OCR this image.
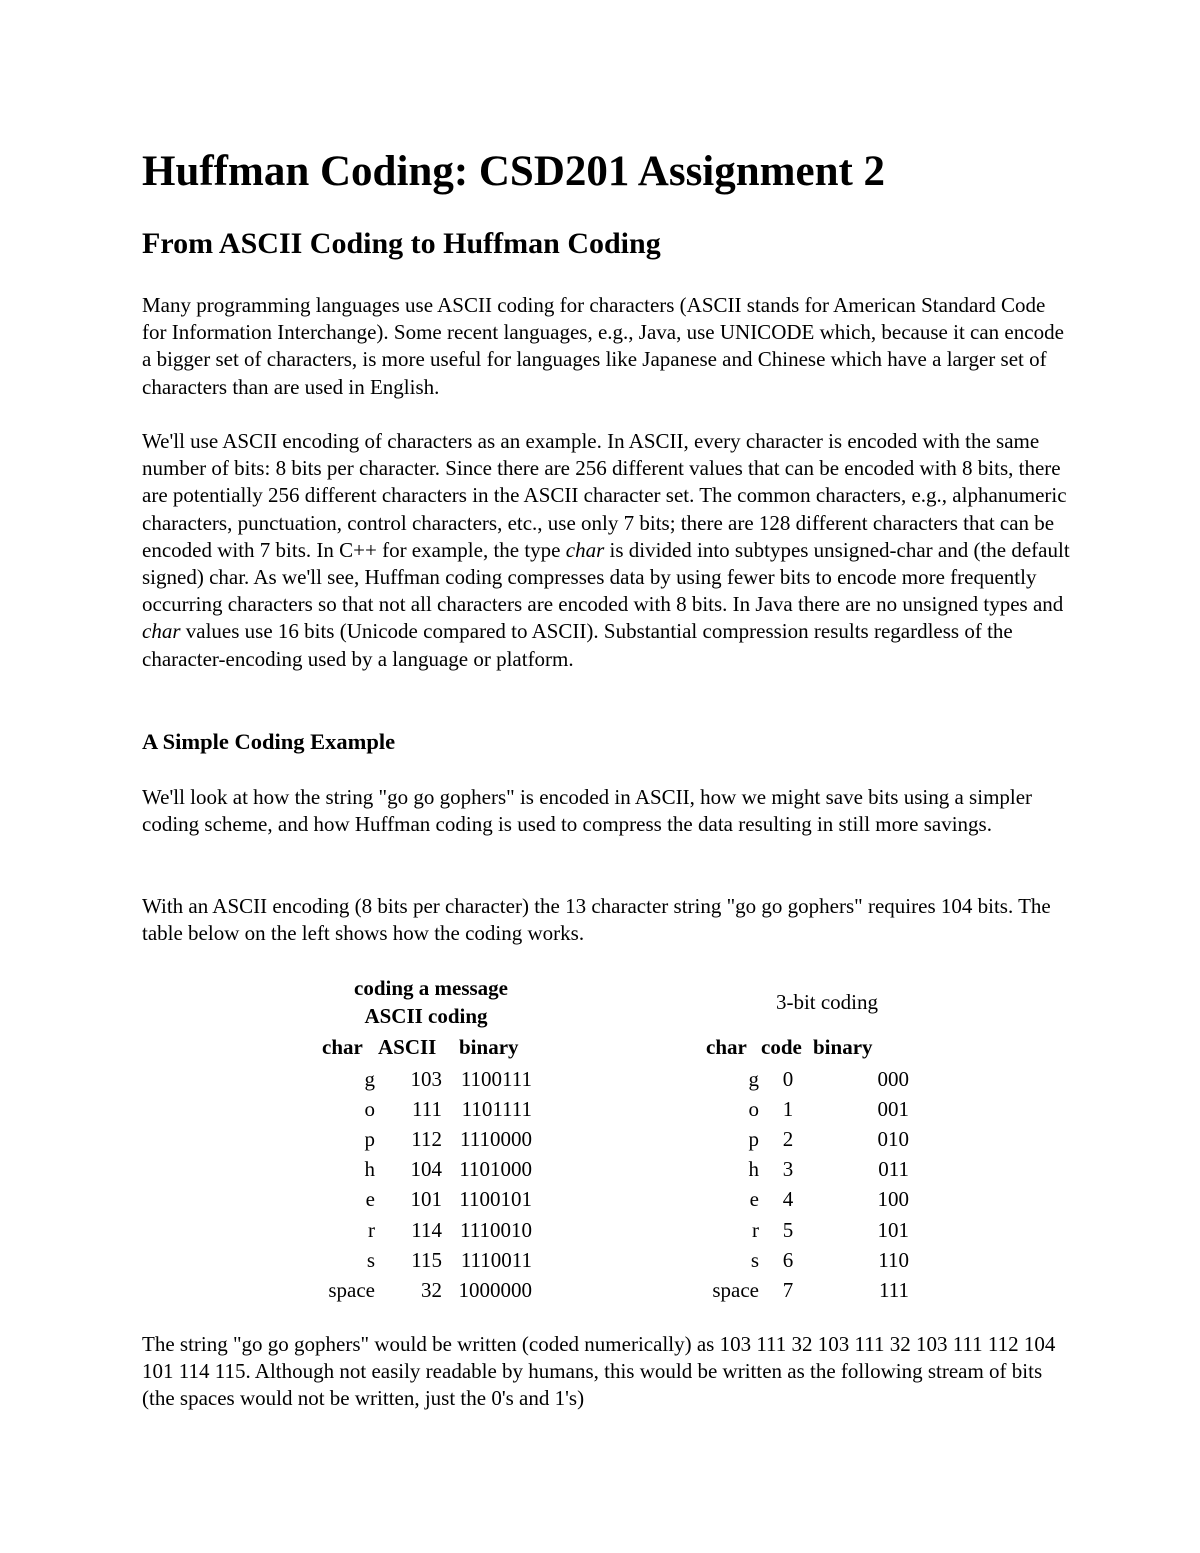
Huffman Coding: CSD201 Assignment 2
From ASCII Coding to Huffman Coding

Many programming languages use ASCII coding for characters (ASCII stands for American Standard Code for Information Interchange). Some recent languages, e.g., Java, use UNICODE which, because it can encode a bigger set of characters, is more useful for languages like Japanese and Chinese which have a larger set of characters than are used in English.

We'll use ASCII encoding of characters as an example. In ASCII, every character is encoded with the same number of bits: 8 bits per character. Since there are 256 different values that can be encoded with 8 bits, there are potentially 256 different characters in the ASCII character set. The common characters, e.g., alphanumeric characters, punctuation, control characters, etc., use only 7 bits; there are 128 different characters that can be encoded with 7 bits. In C++ for example, the type char is divided into subtypes unsigned-char and (the default signed) char. As we'll see, Huffman coding compresses data by using fewer bits to encode more frequently occurring characters so that not all characters are encoded with 8 bits. In Java there are no unsigned types and char values use 16 bits (Unicode compared to ASCII). Substantial compression results regardless of the character-encoding used by a language or platform.

A Simple Coding Example

We'll look at how the string "go go gophers" is encoded in ASCII, how we might save bits using a simpler coding scheme, and how Huffman coding is used to compress the data resulting in still more savings.

With an ASCII encoding (8 bits per character) the 13 character string "go go gophers" requires 104 bits. The table below on the left shows how the coding works.

coding a message
ASCII coding
char ASCII binary
g	103 1100111
o	111 1101111
p	112 1110000
h	104 1101000
e	101 1100101
r	114 1110010
s	115 1110011
space	32 1000000
3-bit coding
char code binary
g	0	000
o	1	001
p	2	010
h	3	011
e	4	100
r	5	101
s	6	110
space	7	111

The string "go go gophers" would be written (coded numerically) as 103 111 32 103 111 32 103 111 112 104 101 114 115. Although not easily readable by humans, this would be written as the following stream of bits (the spaces would not be written, just the 0's and 1's)
